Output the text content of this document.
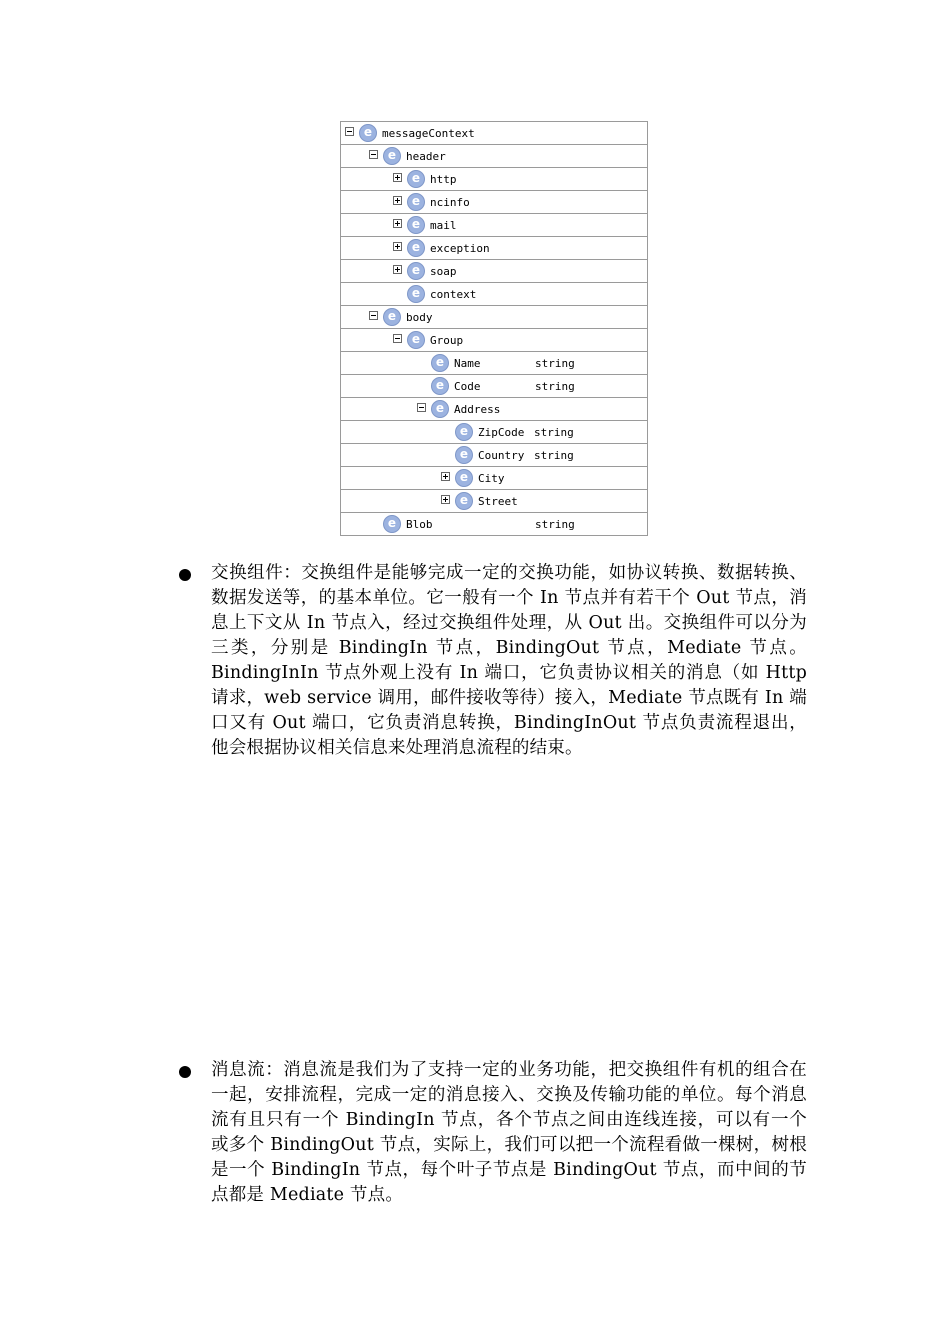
e messageContext
e header
e http
e ncinfo
e mail
e exception
e soap
e context
e body
e Group
e Name	string
e Code	string
e Address
e ZipCode string
e Country string
e City
e Street
e Blob	string
交换组件：交换组件是能够完成一定的交换功能，如协议转换、数据转换、数据发送等，的基本单位。它一般有一个 In 节点并有若干个 Out 节点，消息上下文从 In 节点入，经过交换组件处理，从 Out 出。交换组件可以分为三类，分别是 BindingIn 节点，BindingOut 节点，Mediate 节点。BindingInIn 节点外观上没有 In 端口，它负责协议相关的消息（如 Http 请求，web service 调用，邮件接收等待）接入，Mediate 节点既有 In 端口又有 Out 端口，它负责消息转换，BindingInOut 节点负责流程退出，他会根据协议相关信息来处理消息流程的结束。
消息流：消息流是我们为了支持一定的业务功能，把交换组件有机的组合在一起，安排流程，完成一定的消息接入、交换及传输功能的单位。每个消息流有且只有一个 BindingIn 节点，各个节点之间由连线连接，可以有一个或多个 BindingOut 节点，实际上，我们可以把一个流程看做一棵树，树根是一个 BindingIn 节点，每个叶子节点是 BindingOut 节点，而中间的节点都是 Mediate 节点。
